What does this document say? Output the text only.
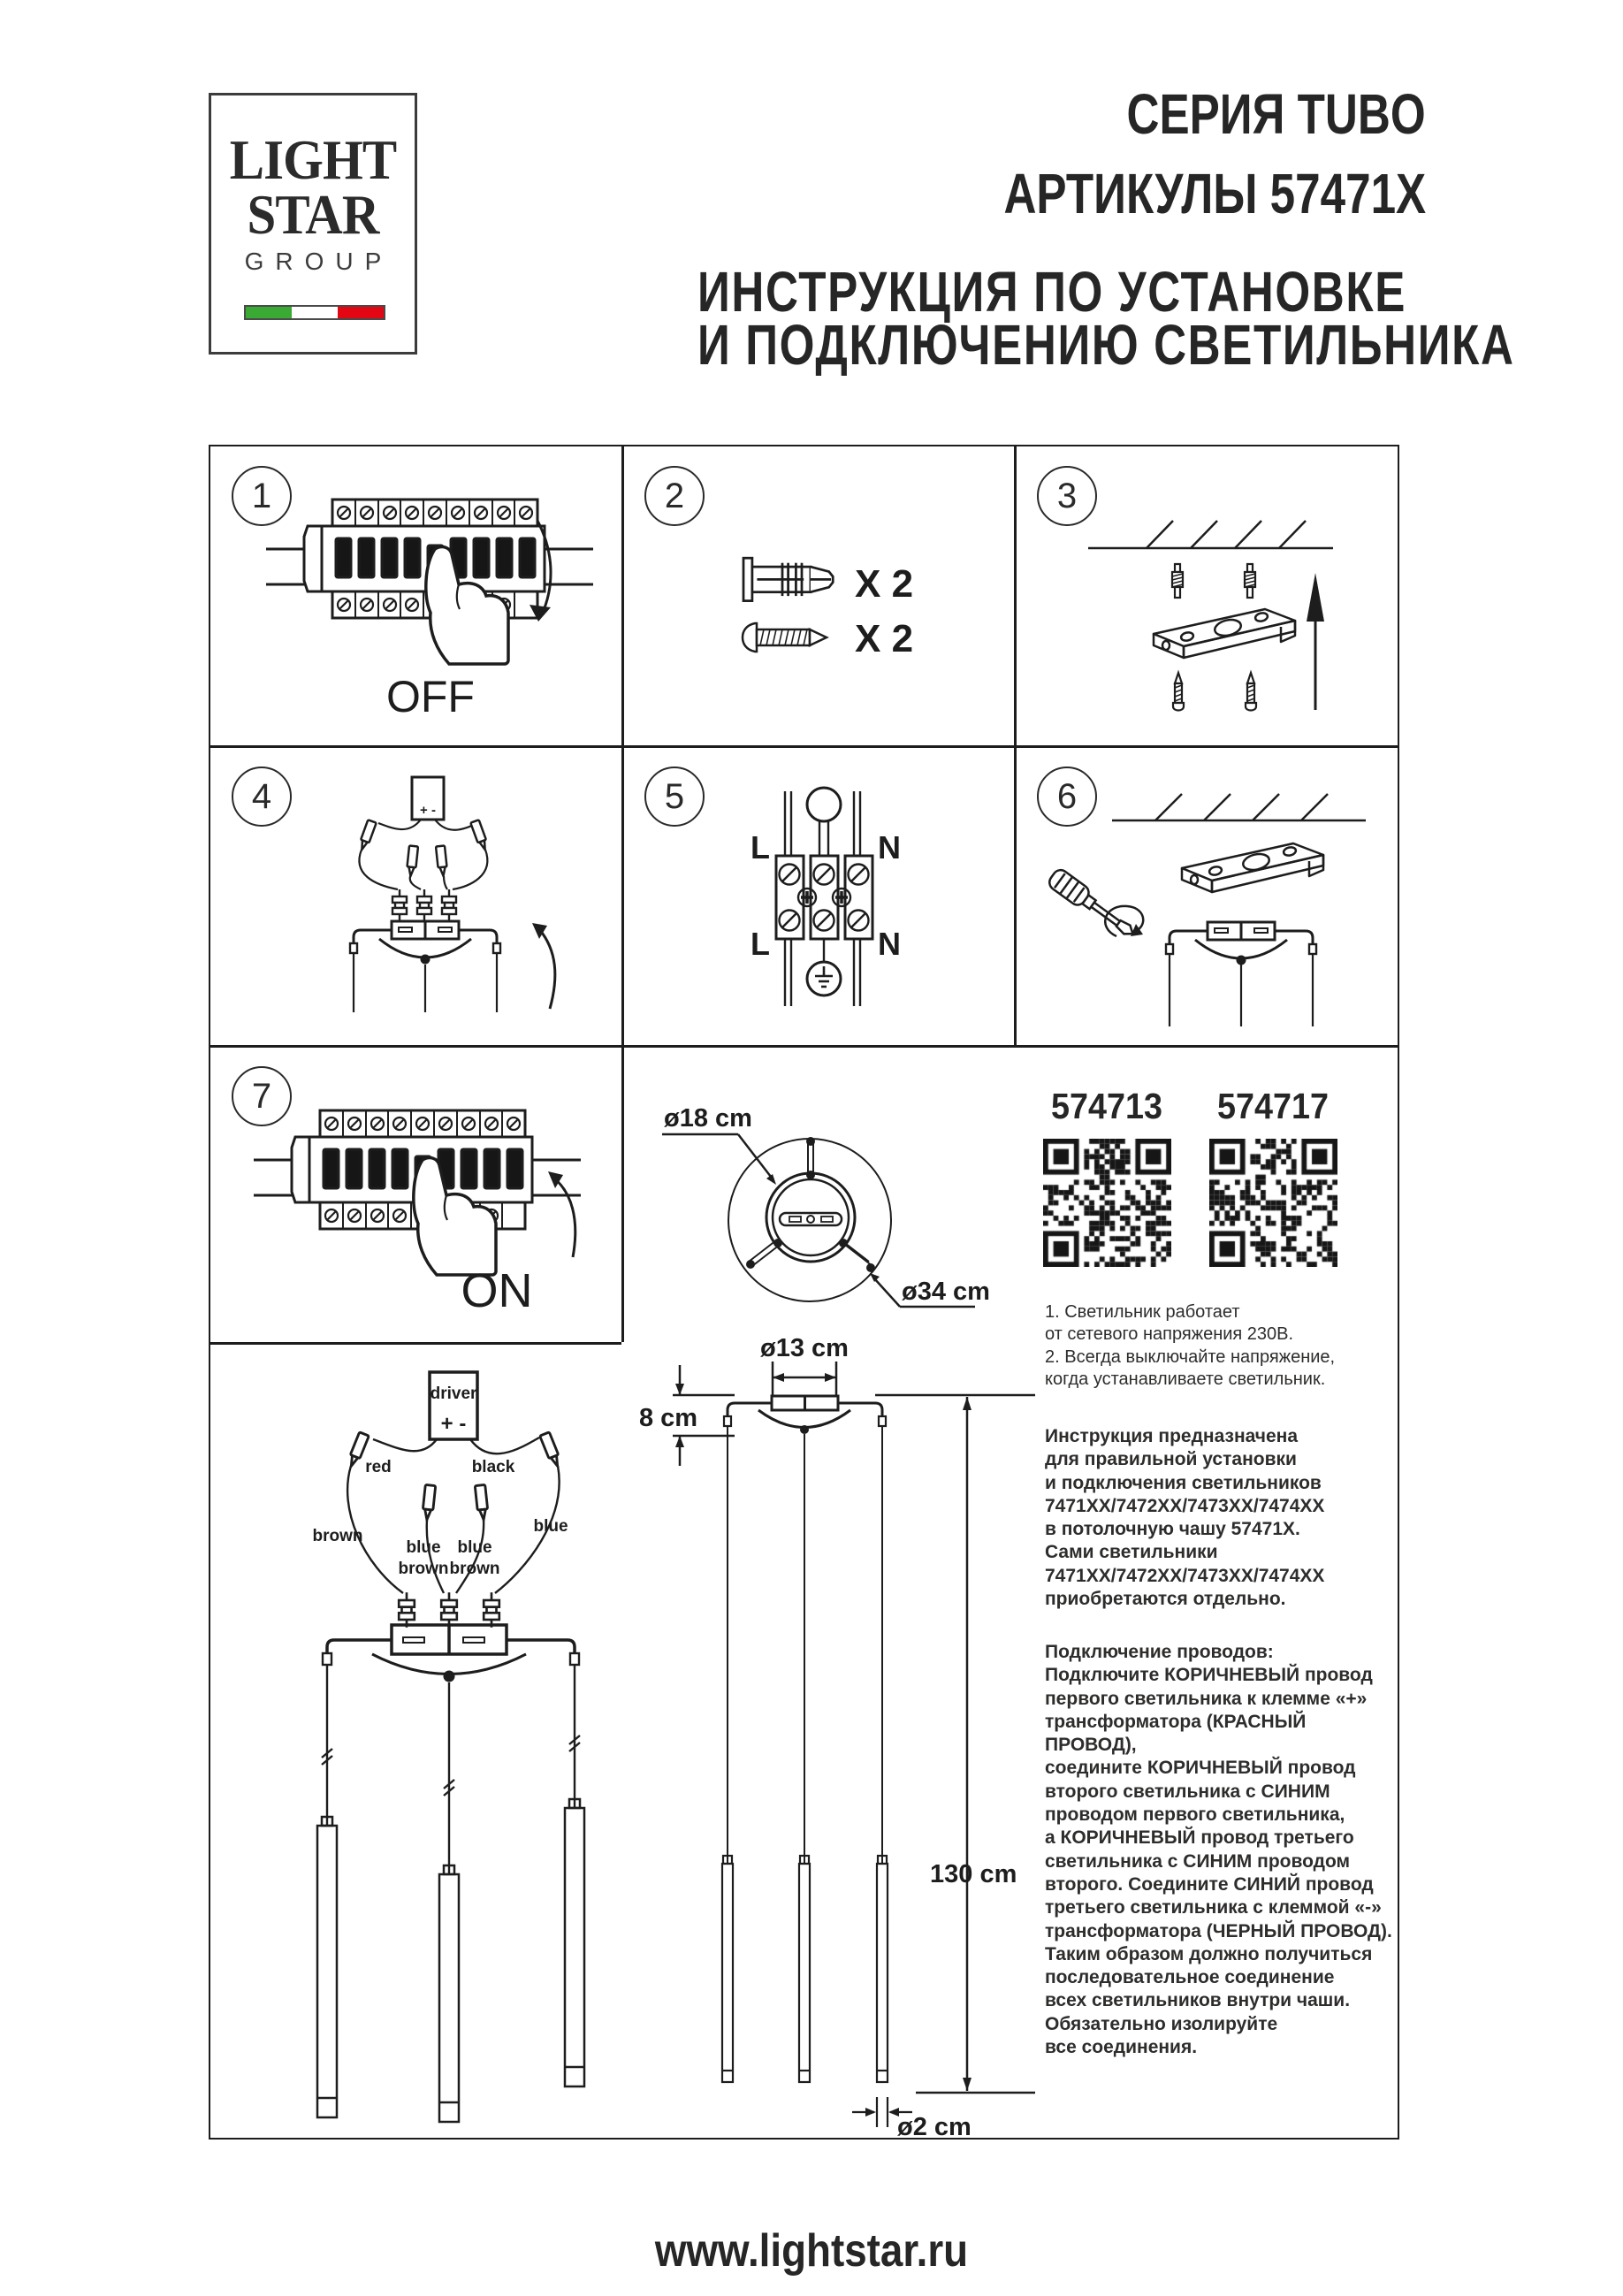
LIGHT
STAR
GROUP
СЕРИЯ TUBO
АРТИКУЛЫ 57471X
ИНСТРУКЦИЯ ПО УСТАНОВКЕ
И ПОДКЛЮЧЕНИЮ СВЕТИЛЬНИКА
1	2	3
4	5	6
7
OFF
X 2
X 2
+ -
L	N
L	N
ON
ø18 cm
ø34 cm
ø13 cm
8 cm
130 cm
ø2 cm
driver
+ -
red	black
brown
blue
blue
brown
blue
brown
574713 574717
1. Светильник работает
от сетевого напряжения 230В.
2. Всегда выключайте напряжение,
когда устанавливаете светильник.
Инструкция предназначена
для правильной установки
и подключения светильников
7471XX/7472XX/7473XX/7474XX
в потолочную чашу 57471X.
Сами светильники
7471XX/7472XX/7473XX/7474XX
приобретаются отдельно.
Подключение проводов:
Подключите КОРИЧНЕВЫЙ провод
первого светильника к клемме «+»
трансформатора (КРАСНЫЙ ПРОВОД),
соедините КОРИЧНЕВЫЙ провод
второго светильника с СИНИМ
проводом первого светильника,
а КОРИЧНЕВЫЙ провод третьего
светильника с СИНИМ проводом
второго. Соедините СИНИЙ провод
третьего светильника с клеммой «-»
трансформатора (ЧЕРНЫЙ ПРОВОД).
Таким образом должно получиться
последовательное соединение
всех светильников внутри чаши.
Обязательно изолируйте
все соединения.
www.lightstar.ru
